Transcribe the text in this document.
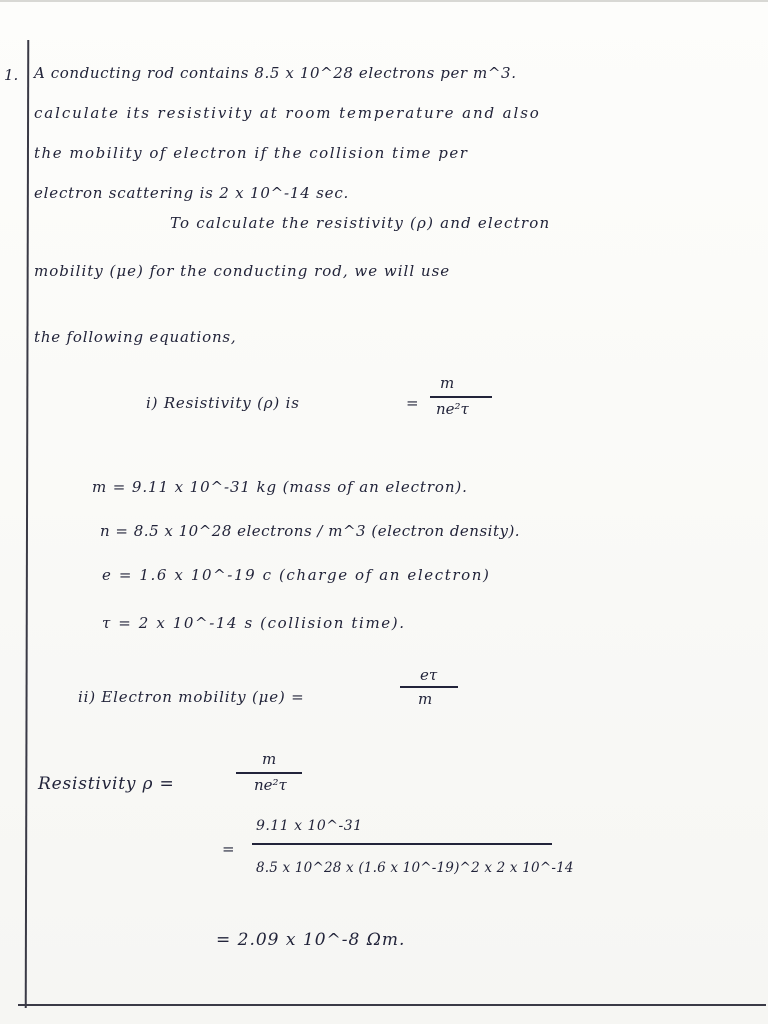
1. A conducting rod contains 8.5 x 10^28 electrons per m^3.
calculate its resistivity at room temperature and also
the mobility of electron if the collision time per
electron scattering is 2 x 10^-14 sec.
To calculate the resistivity (ρ) and electron
mobility (μe) for the conducting rod, we will use
the following equations,
i) Resistivity (ρ) is	=
m
ne²τ
m = 9.11 x 10^-31 kg (mass of an electron).
n = 8.5 x 10^28 electrons / m^3 (electron density).
e = 1.6 x 10^-19 c (charge of an electron)
τ = 2 x 10^-14 s (collision time).
ii) Electron mobility (μe) =
eτ
m
Resistivity ρ =
m
ne²τ
=
9.11 x 10^-31
8.5 x 10^28 x (1.6 x 10^-19)^2 x 2 x 10^-14
= 2.09 x 10^-8 Ωm.
